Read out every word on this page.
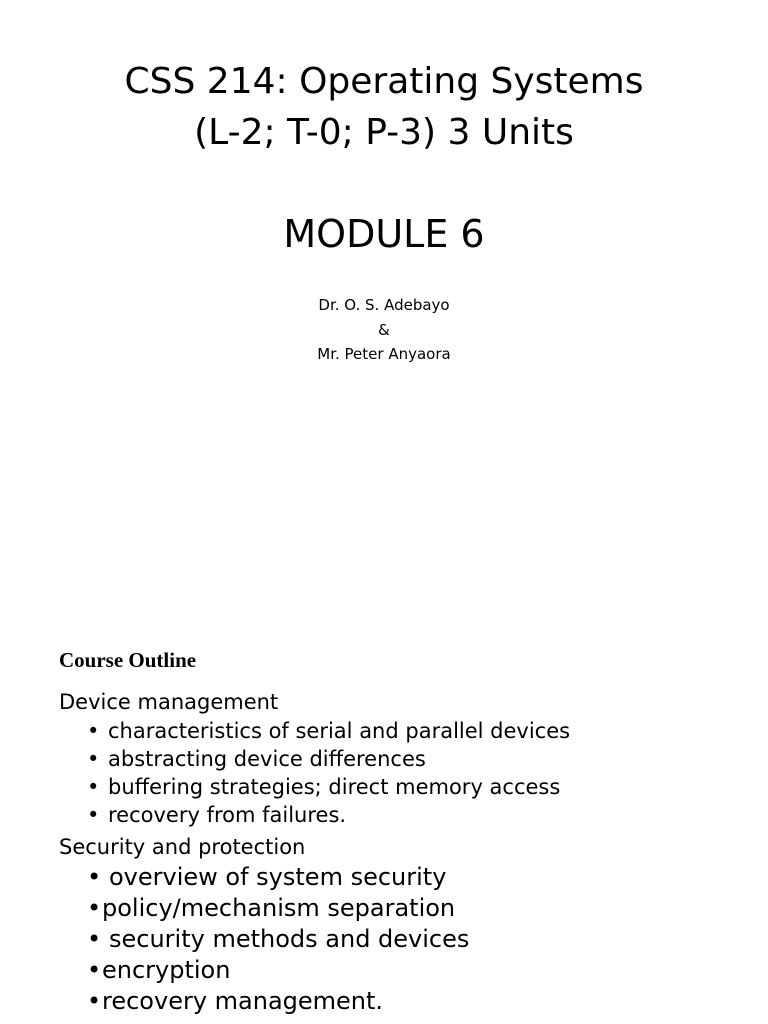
CSS 214: Operating Systems
(L-2; T-0; P-3) 3 Units
MODULE 6
Dr. O. S. Adebayo
&
Mr. Peter Anyaora
Course Outline
Device management
• characteristics of serial and parallel devices
• abstracting device differences
• buffering strategies; direct memory access
• recovery from failures.
Security and protection
• overview of system security
•policy/mechanism separation
• security methods and devices
•encryption
•recovery management.
